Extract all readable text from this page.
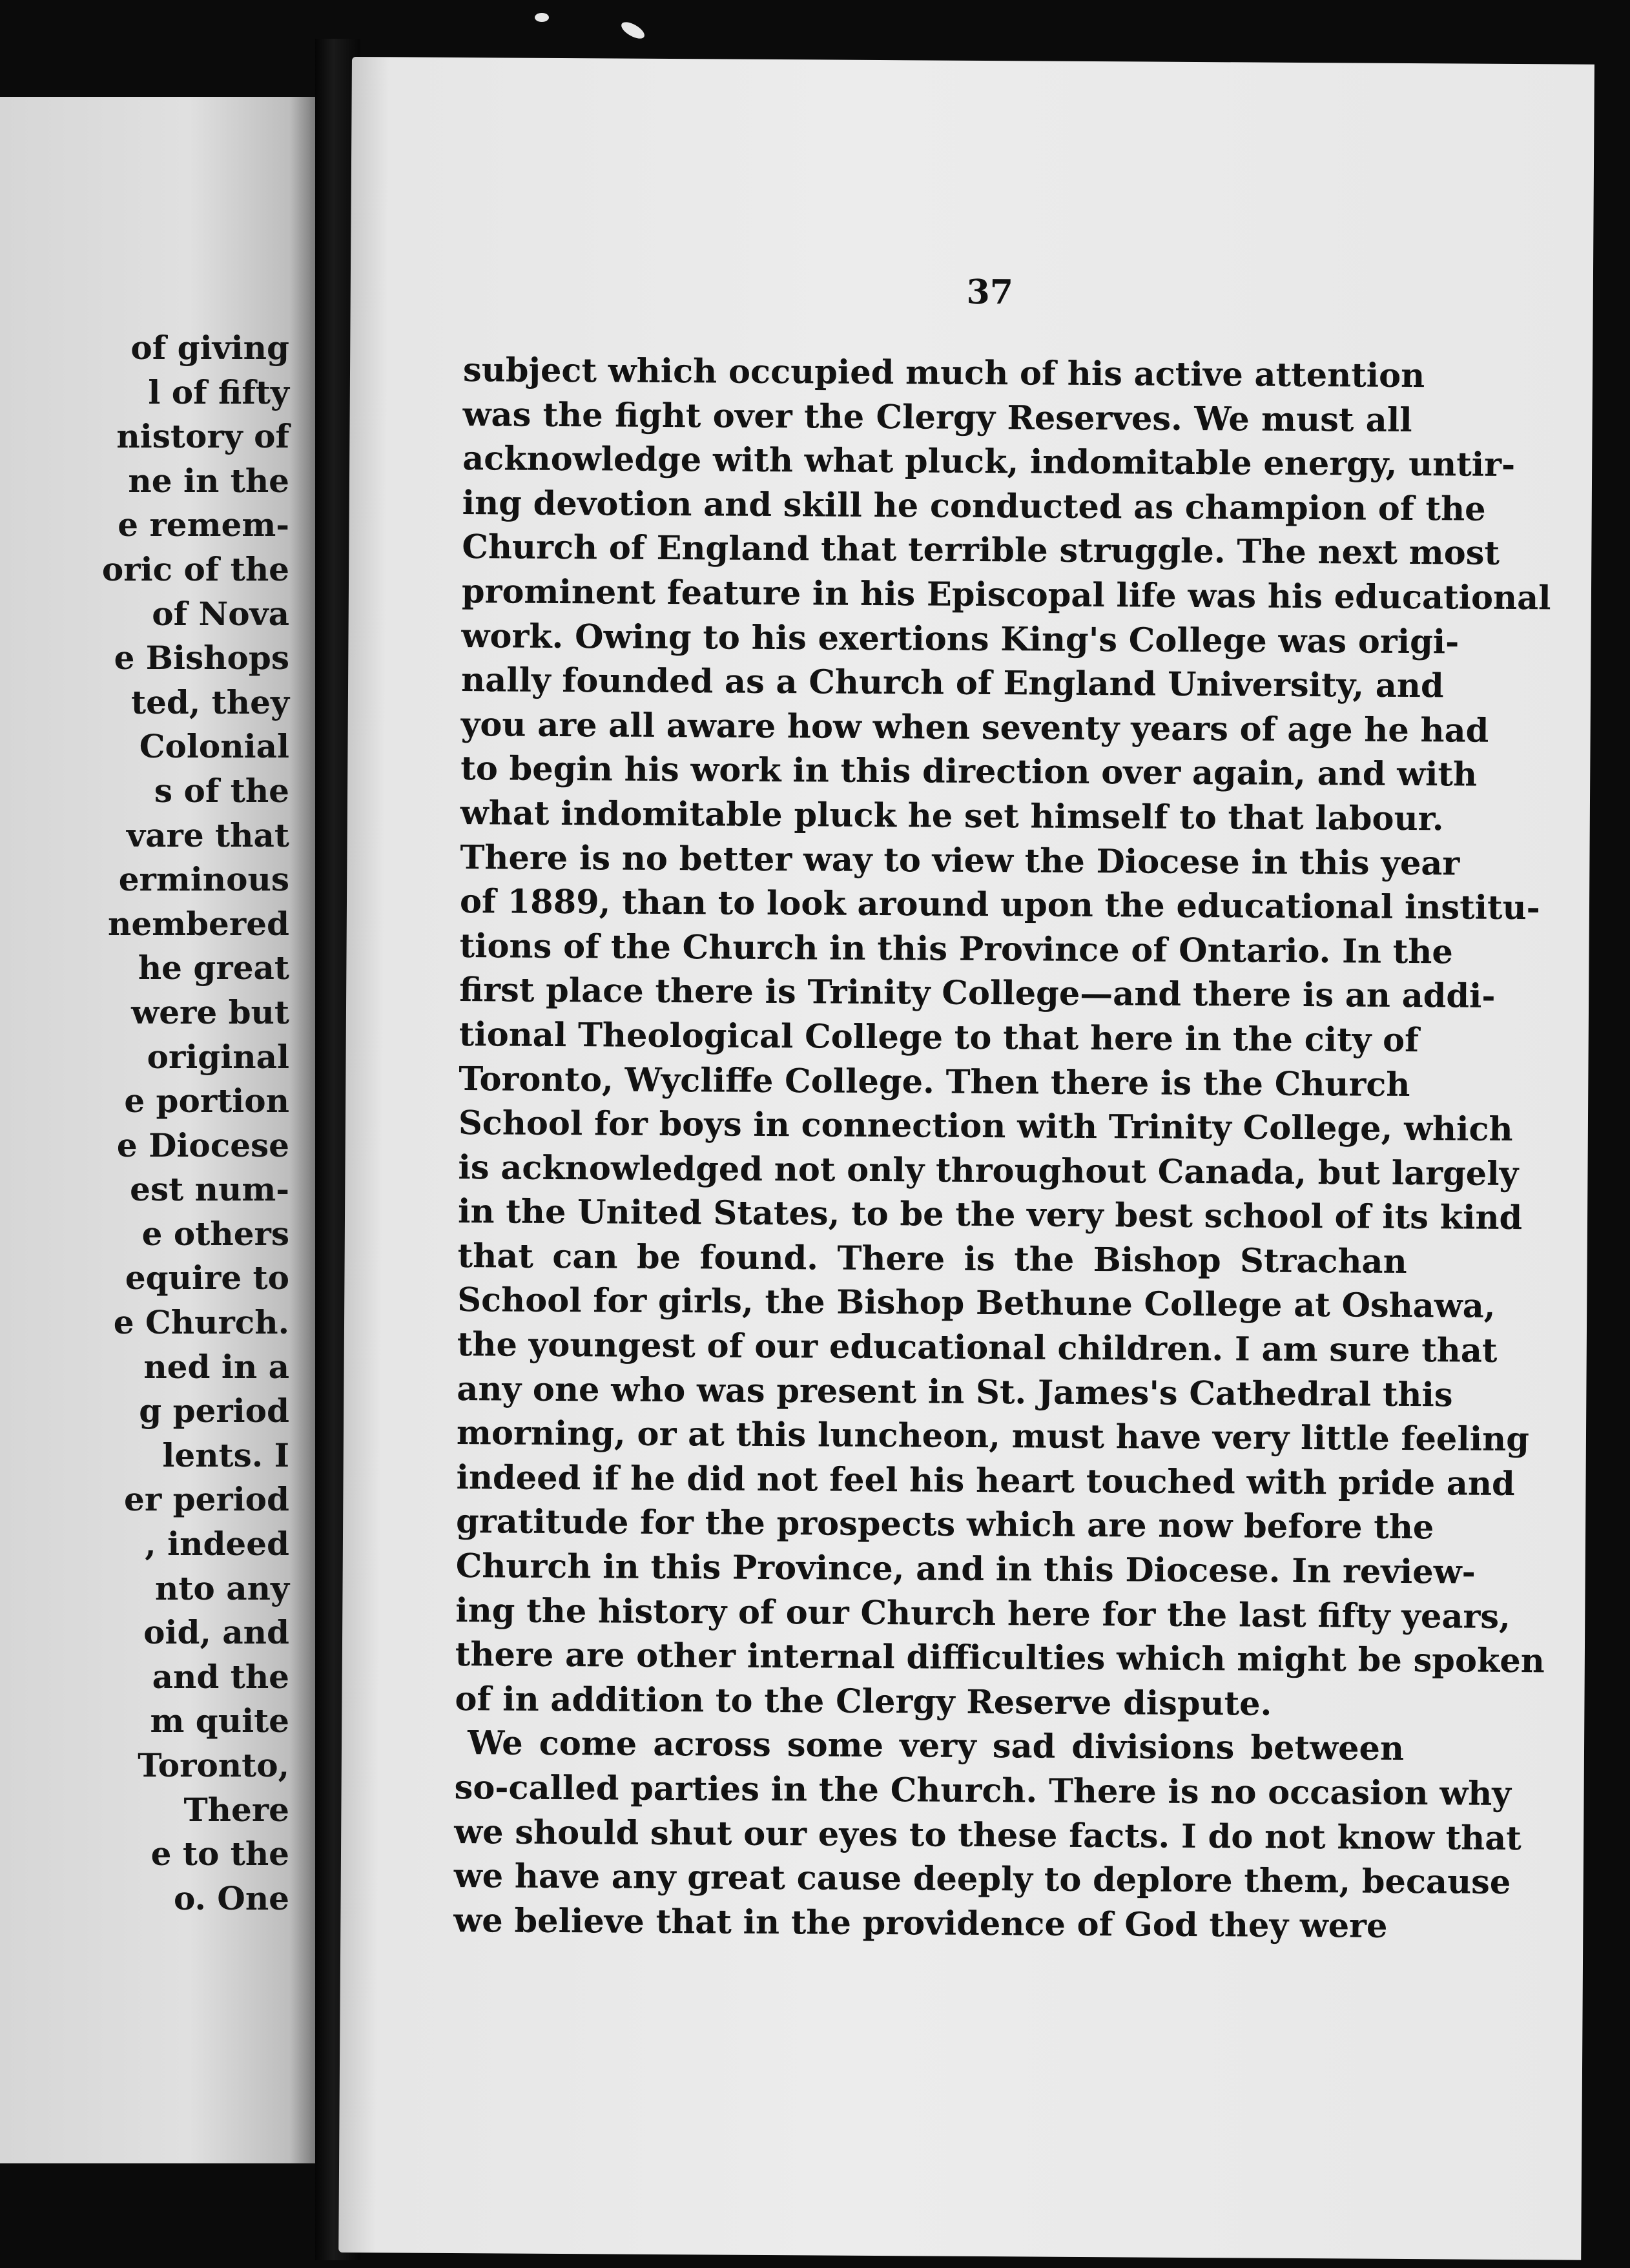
of giving
l of fifty
nistory of
ne in the
e remem-
oric of the
of Nova
e Bishops
ted, they
Colonial
s of the
vare that
erminous
nembered
he great
were but
original
e portion
e Diocese
est num-
e others
equire to
e Church.
ned in a
g period
lents. I
er period
, indeed
nto any
oid, and
and the
m quite
Toronto,
There
e to the
o. One
37
subject which occupied much of his active attention
was the fight over the Clergy Reserves. We must all
acknowledge with what pluck, indomitable energy, untir-
ing devotion and skill he conducted as champion of the
Church of England that terrible struggle. The next most
prominent feature in his Episcopal life was his educational
work. Owing to his exertions King's College was origi-
nally founded as a Church of England University, and
you are all aware how when seventy years of age he had
to begin his work in this direction over again, and with
what indomitable pluck he set himself to that labour.
There is no better way to view the Diocese in this year
of 1889, than to look around upon the educational institu-
tions of the Church in this Province of Ontario. In the
first place there is Trinity College—and there is an addi-
tional Theological College to that here in the city of
Toronto, Wycliffe College. Then there is the Church
School for boys in connection with Trinity College, which
is acknowledged not only throughout Canada, but largely
in the United States, to be the very best school of its kind
that can be found. There is the Bishop Strachan
School for girls, the Bishop Bethune College at Oshawa,
the youngest of our educational children. I am sure that
any one who was present in St. James's Cathedral this
morning, or at this luncheon, must have very little feeling
indeed if he did not feel his heart touched with pride and
gratitude for the prospects which are now before the
Church in this Province, and in this Diocese. In review-
ing the history of our Church here for the last fifty years,
there are other internal difficulties which might be spoken
of in addition to the Clergy Reserve dispute.
We come across some very sad divisions between
so-called parties in the Church. There is no occasion why
we should shut our eyes to these facts. I do not know that
we have any great cause deeply to deplore them, because
we believe that in the providence of God they were
